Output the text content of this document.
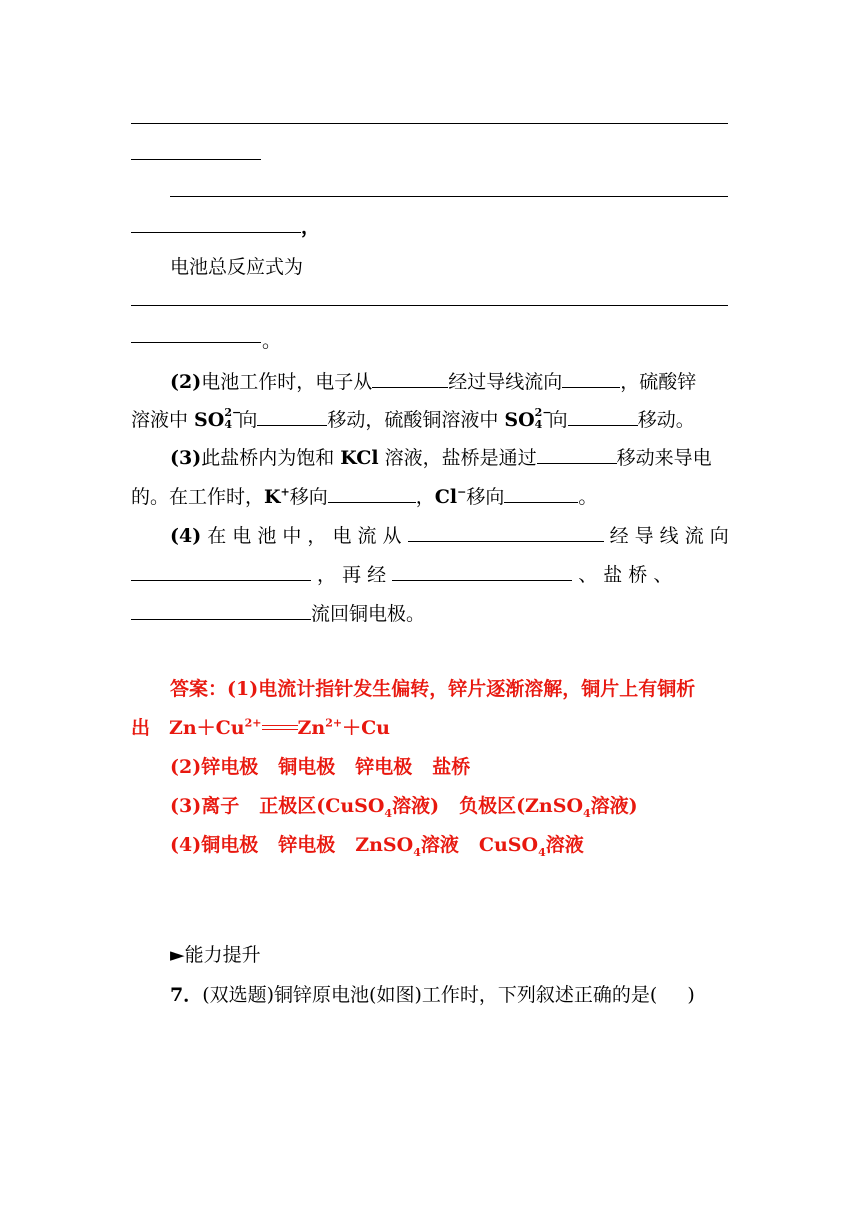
，
电池总反应式为
。
(2)电池工作时，电子从	经过导线流向	，硫酸锌
溶液中 SO 2−
4 向	移动，硫酸铜溶液中 SO 2−
4 向	移动。
(3)此盐桥内为饱和 KCl 溶液，盐桥是通过	移动来导电
的。在工作时，K+移向	，Cl−移向	。
(4) 在 电 池 中 ， 电 流 从	经 导 线 流 向
， 再 经	、 盐 桥 、
流回铜电极。
答案：(1)电流计指针发生偏转，锌片逐渐溶解，铜片上有铜析
出　$Zn+Cu^{2+}$ $Zn^{2+}+Cu$
(2)锌电极 铜电极 锌电极 盐桥
(3)离子 正极区(CuSO$_4$溶液) 负极区(ZnSO$_4$溶液)
(4)铜电极 锌电极 ZnSO$_4$溶液 CuSO$_4$溶液
►能力提升
7．(双选题)铜锌原电池(如图)工作时，下列叙述正确的是( )
